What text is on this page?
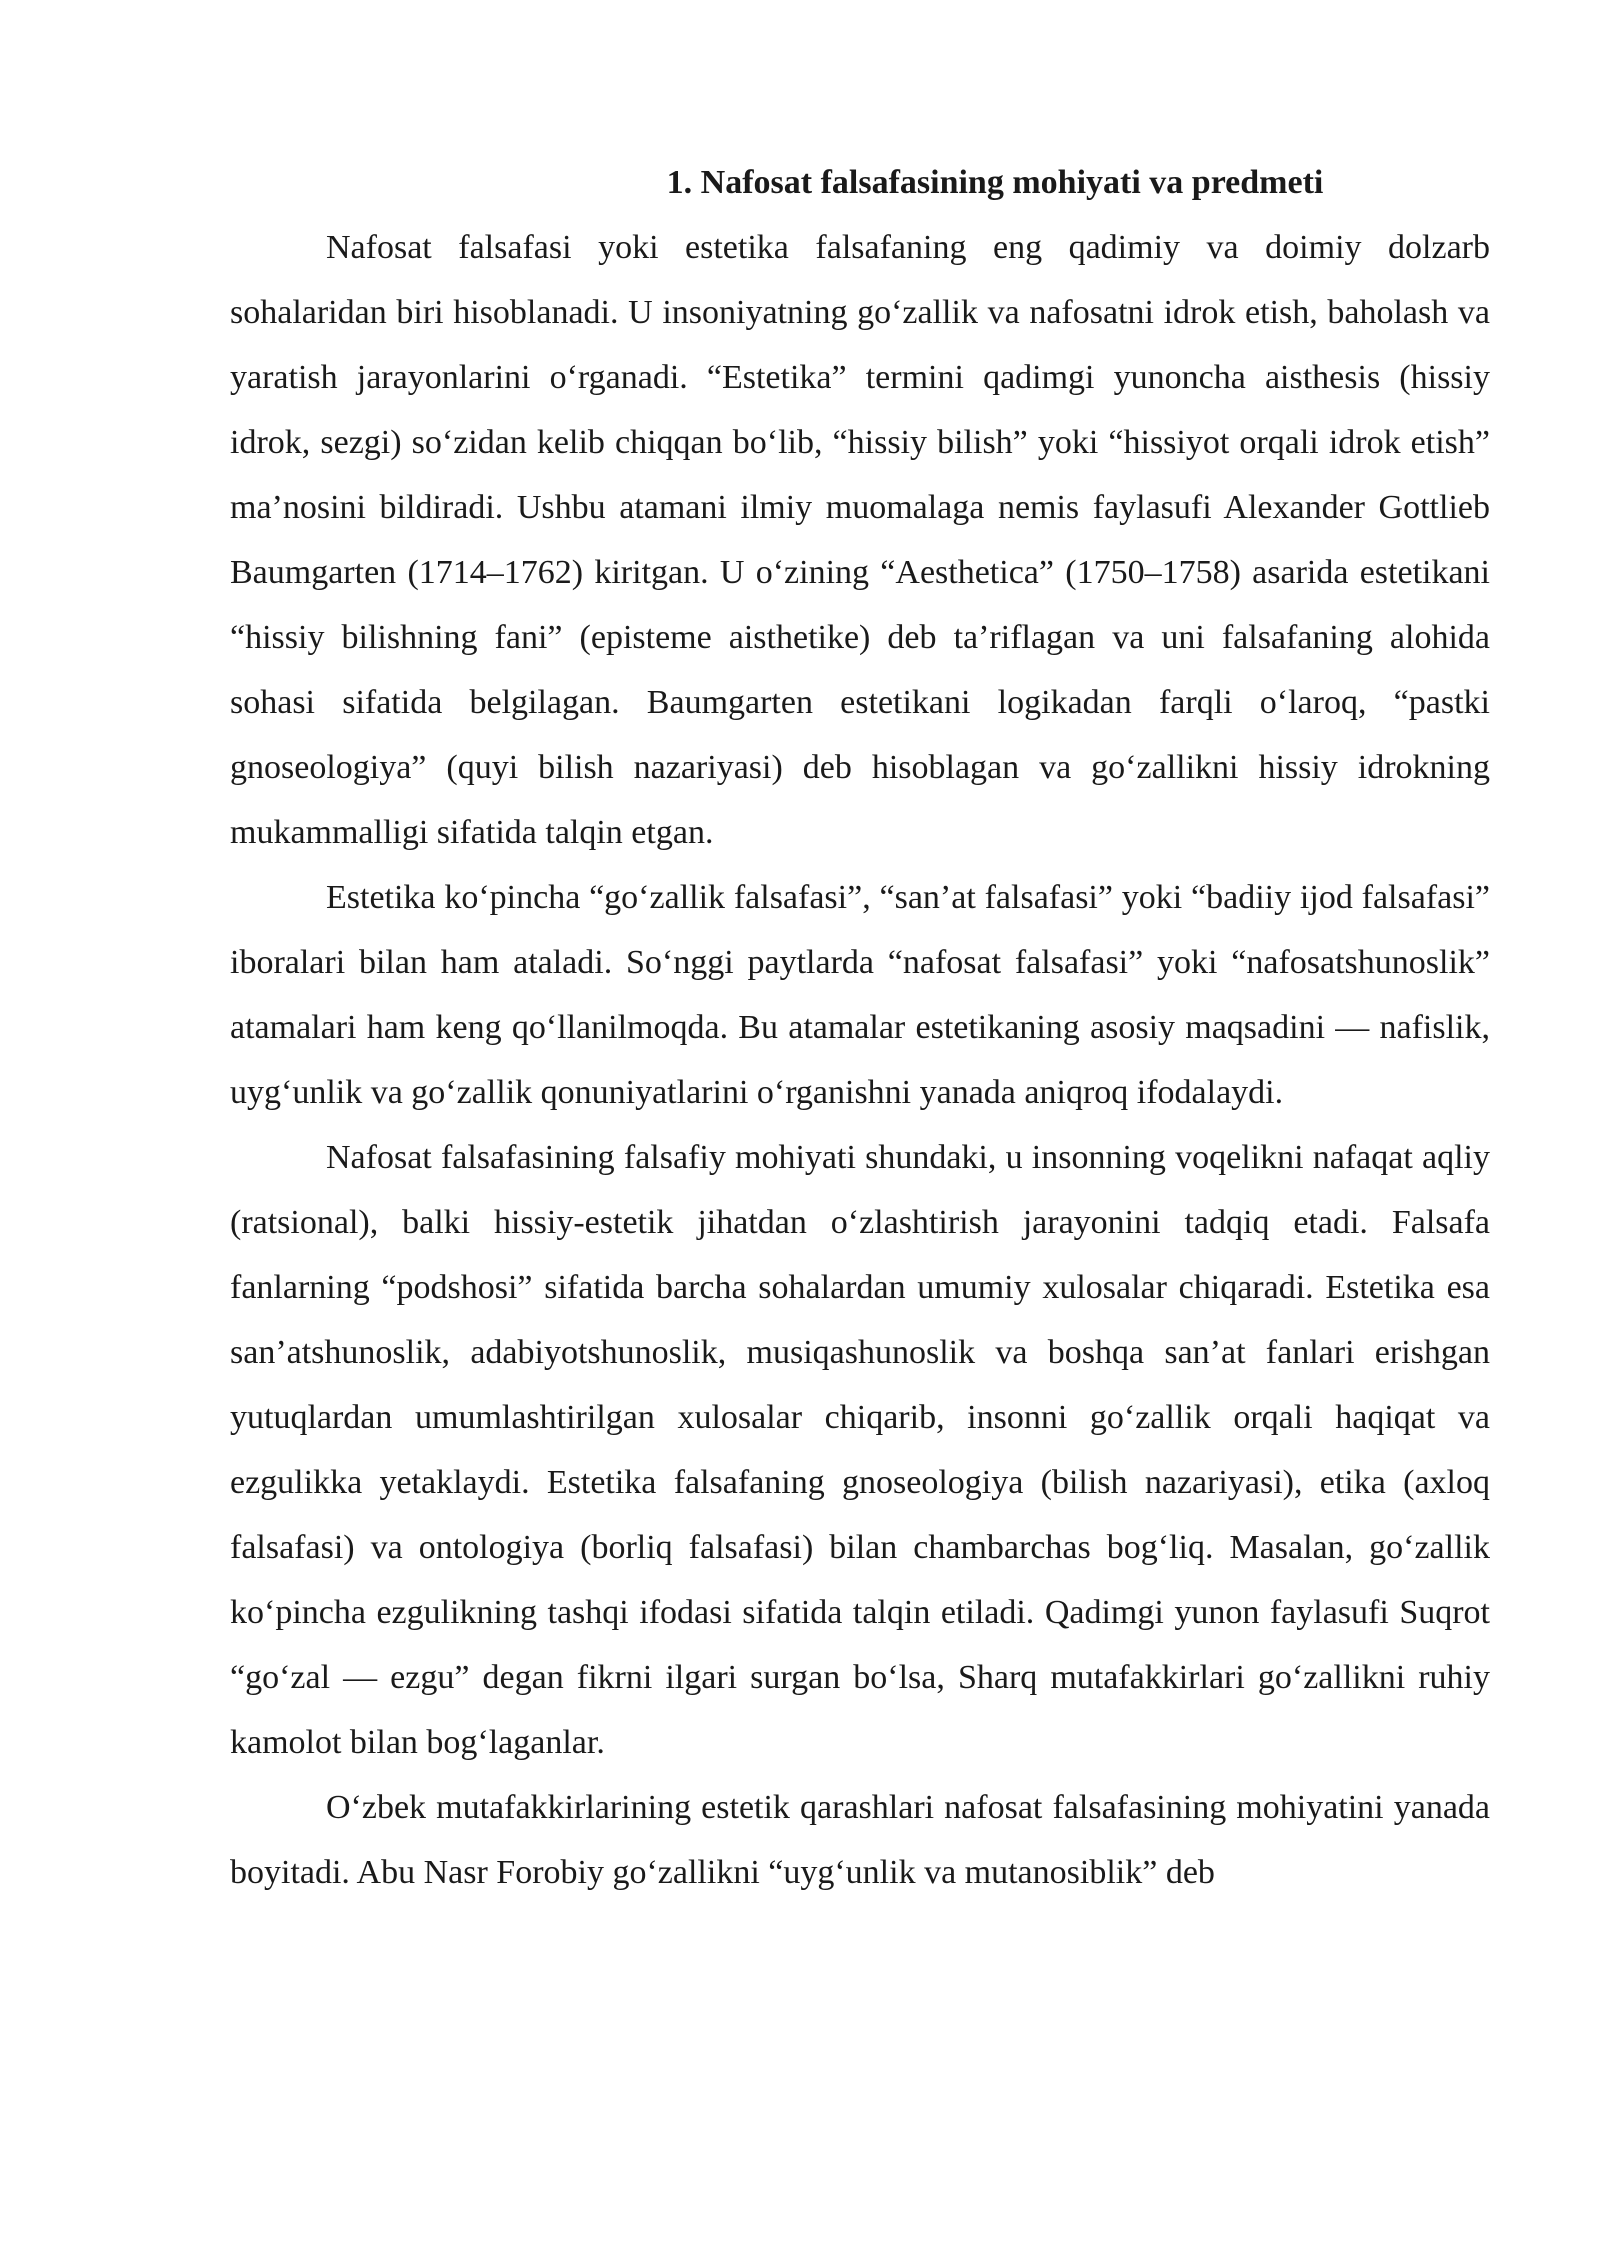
1. Nafosat falsafasining mohiyati va predmeti

Nafosat falsafasi yoki estetika falsafaning eng qadimiy va doimiy dolzarb sohalaridan biri hisoblanadi. U insoniyatning go‘zallik va nafosatni idrok etish, baholash va yaratish jarayonlarini o‘rganadi. “Estetika” termini qadimgi yunoncha aisthesis (hissiy idrok, sezgi) so‘zidan kelib chiqqan bo‘lib, “hissiy bilish” yoki “hissiyot orqali idrok etish” ma’nosini bildiradi. Ushbu atamani ilmiy muomalaga nemis faylasufi Alexander Gottlieb Baumgarten (1714–1762) kiritgan. U o‘zining “Aesthetica” (1750–1758) asarida estetikani “hissiy bilishning fani” (episteme aisthetike) deb ta’riflagan va uni falsafaning alohida sohasi sifatida belgilagan. Baumgarten estetikani logikadan farqli o‘laroq, “pastki gnoseologiya” (quyi bilish nazariyasi) deb hisoblagan va go‘zallikni hissiy idrokning mukammalligi sifatida talqin etgan.

Estetika ko‘pincha “go‘zallik falsafasi”, “san’at falsafasi” yoki “badiiy ijod falsafasi” iboralari bilan ham ataladi. So‘nggi paytlarda “nafosat falsafasi” yoki “nafosatshunoslik” atamalari ham keng qo‘llanilmoqda. Bu atamalar estetikaning asosiy maqsadini — nafislik, uyg‘unlik va go‘zallik qonuniyatlarini o‘rganishni yanada aniqroq ifodalaydi.

Nafosat falsafasining falsafiy mohiyati shundaki, u insonning voqelikni nafaqat aqliy (ratsional), balki hissiy-estetik jihatdan o‘zlashtirish jarayonini tadqiq etadi. Falsafa fanlarning “podshosi” sifatida barcha sohalardan umumiy xulosalar chiqaradi. Estetika esa san’atshunoslik, adabiyotshunoslik, musiqashunoslik va boshqa san’at fanlari erishgan yutuqlardan umumlashtirilgan xulosalar chiqarib, insonni go‘zallik orqali haqiqat va ezgulikka yetaklaydi. Estetika falsafaning gnoseologiya (bilish nazariyasi), etika (axloq falsafasi) va ontologiya (borliq falsafasi) bilan chambarchas bog‘liq. Masalan, go‘zallik ko‘pincha ezgulikning tashqi ifodasi sifatida talqin etiladi. Qadimgi yunon faylasufi Suqrot “go‘zal — ezgu” degan fikrni ilgari surgan bo‘lsa, Sharq mutafakkirlari go‘zallikni ruhiy kamolot bilan bog‘laganlar.

O‘zbek mutafakkirlarining estetik qarashlari nafosat falsafasining mohiyatini yanada boyitadi. Abu Nasr Forobiy go‘zallikni “uyg‘unlik va mutanosiblik” deb
